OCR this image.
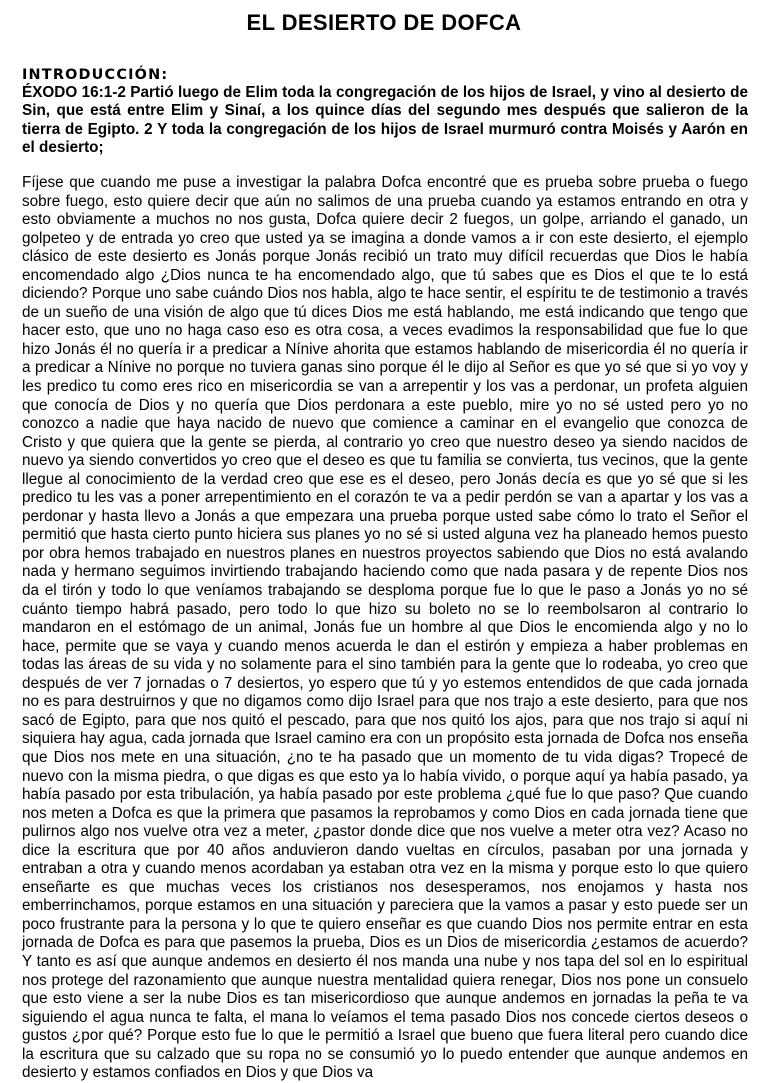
EL DESIERTO DE DOFCA
INTRODUCCIÓN:

ÉXODO 16:1-2 Partió luego de Elim toda la congregación de los hijos de Israel, y vino al desierto de Sin, que está entre Elim y Sinaí, a los quince días del segundo mes después que salieron de la tierra de Egipto. 2 Y toda la congregación de los hijos de Israel murmuró contra Moisés y Aarón en el desierto;

Fíjese que cuando me puse a investigar la palabra Dofca encontré que es prueba sobre prueba o fuego sobre fuego, esto quiere decir que aún no salimos de una prueba cuando ya estamos entrando en otra y esto obviamente a muchos no nos gusta, Dofca quiere decir 2 fuegos, un golpe, arriando el ganado, un golpeteo y de entrada yo creo que usted ya se imagina a donde vamos a ir con este desierto, el ejemplo clásico de este desierto es Jonás porque Jonás recibió un trato muy difícil recuerdas que Dios le había encomendado algo ¿Dios nunca te ha encomendado algo, que tú sabes que es Dios el que te lo está diciendo? Porque uno sabe cuándo Dios nos habla, algo te hace sentir, el espíritu te de testimonio a través de un sueño de una visión de algo que tú dices Dios me está hablando, me está indicando que tengo que hacer esto, que uno no haga caso eso es otra cosa, a veces evadimos la responsabilidad que fue lo que hizo Jonás él no quería ir a predicar a Nínive ahorita que estamos hablando de misericordia él no quería ir a predicar a Nínive no porque no tuviera ganas sino porque él le dijo al Señor es que yo sé que si yo voy y les predico tu como eres rico en misericordia se van a arrepentir y los vas a perdonar, un profeta alguien que conocía de Dios y no quería que Dios perdonara a este pueblo, mire yo no sé usted pero yo no conozco a nadie que haya nacido de nuevo que comience a caminar en el evangelio que conozca de Cristo y que quiera que la gente se pierda, al contrario yo creo que nuestro deseo ya siendo nacidos de nuevo ya siendo convertidos yo creo que el deseo es que tu familia se convierta, tus vecinos, que la gente llegue al conocimiento de la verdad creo que ese es el deseo, pero Jonás decía es que yo sé que si les predico tu les vas a poner arrepentimiento en el corazón te va a pedir perdón se van a apartar y los vas a perdonar y hasta llevo a Jonás a que empezara una prueba porque usted sabe cómo lo trato el Señor el permitió que hasta cierto punto hiciera sus planes yo no sé si usted alguna vez ha planeado hemos puesto por obra hemos trabajado en nuestros planes en nuestros proyectos sabiendo que Dios no está avalando nada y hermano seguimos invirtiendo trabajando haciendo como que nada pasara y de repente Dios nos da el tirón y todo lo que veníamos trabajando se desploma porque fue lo que le paso a Jonás yo no sé cuánto tiempo habrá pasado, pero todo lo que hizo su boleto no se lo reembolsaron al contrario lo mandaron en el estómago de un animal, Jonás fue un hombre al que Dios le encomienda algo y no lo hace, permite que se vaya y cuando menos acuerda le dan el estirón y empieza a haber problemas en todas las áreas de su vida y no solamente para el sino también para la gente que lo rodeaba, yo creo que después de ver 7 jornadas o 7 desiertos, yo espero que tú y yo estemos entendidos de que cada jornada no es para destruirnos y que no digamos como dijo Israel para que nos trajo a este desierto, para que nos sacó de Egipto, para que nos quitó el pescado, para que nos quitó los ajos, para que nos trajo si aquí ni siquiera hay agua, cada jornada que Israel camino era con un propósito esta jornada de Dofca nos enseña que Dios nos mete en una situación, ¿no te ha pasado que un momento de tu vida digas? Tropecé de nuevo con la misma piedra, o que digas es que esto ya lo había vivido, o porque aquí ya había pasado, ya había pasado por esta tribulación, ya había pasado por este problema ¿qué fue lo que paso? Que cuando nos meten a Dofca es que la primera que pasamos la reprobamos y como Dios en cada jornada tiene que pulirnos algo nos vuelve otra vez a meter, ¿pastor donde dice que nos vuelve a meter otra vez? Acaso no dice la escritura que por 40 años anduvieron dando vueltas en círculos, pasaban por una jornada y entraban a otra y cuando menos acordaban ya estaban otra vez en la misma y porque esto lo que quiero enseñarte es que muchas veces los cristianos nos desesperamos, nos enojamos y hasta nos emberrinchamos, porque estamos en una situación y pareciera que la vamos a pasar y esto puede ser un poco frustrante para la persona y lo que te quiero enseñar es que cuando Dios nos permite entrar en esta jornada de Dofca es para que pasemos la prueba, Dios es un Dios de misericordia ¿estamos de acuerdo? Y tanto es así que aunque andemos en desierto él nos manda una nube y nos tapa del sol en lo espiritual nos protege del razonamiento que aunque nuestra mentalidad quiera renegar, Dios nos pone un consuelo que esto viene a ser la nube Dios es tan misericordioso que aunque andemos en jornadas la peña te va siguiendo el agua nunca te falta, el mana lo veíamos el tema pasado Dios nos concede ciertos deseos o gustos ¿por qué? Porque esto fue lo que le permitió a Israel que bueno que fuera literal pero cuando dice la escritura que su calzado que su ropa no se consumió yo lo puedo entender que aunque andemos en desierto y estamos confiados en Dios y que Dios va
